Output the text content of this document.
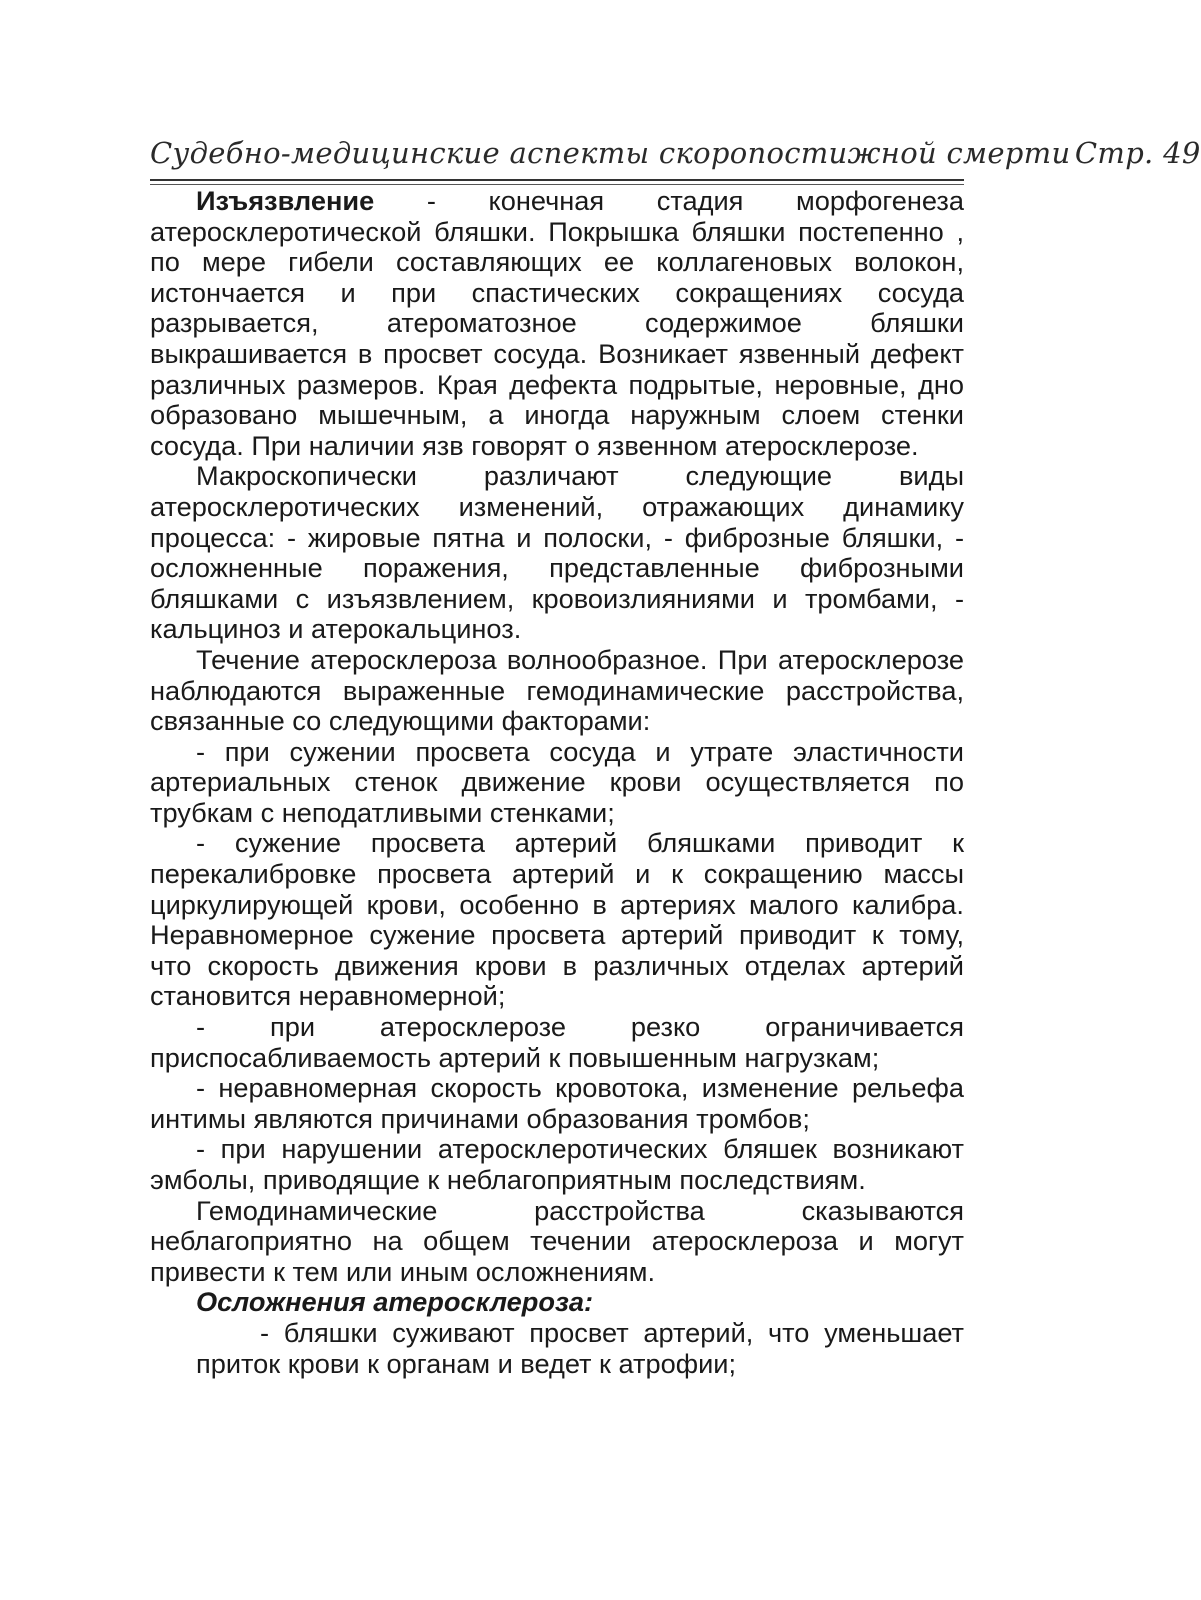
Судебно-медицинские аспекты скоропостижной смерти Стр. 49

Изъязвление - конечная стадия морфогенеза атеросклеротической бляшки. Покрышка бляшки постепенно , по мере гибели составляющих ее коллагеновых волокон, истончается и при спастических сокращениях сосуда разрывается, атероматозное содержимое бляшки выкрашивается в просвет сосуда. Возникает язвенный дефект различных размеров. Края дефекта подрытые, неровные, дно образовано мышечным, а иногда наружным слоем стенки сосуда. При наличии язв говорят о язвенном атеросклерозе.

Макроскопически различают следующие виды атеросклеротических изменений, отражающих динамику процесса: - жировые пятна и полоски, - фиброзные бляшки, - осложненные поражения, представленные фиброзными бляшками с изъязвлением, кровоизлияниями и тромбами, - кальциноз и атерокальциноз.

Течение атеросклероза волнообразное. При атеросклерозе наблюдаются выраженные гемодинамические расстройства, связанные со следующими факторами:

- при сужении просвета сосуда и утрате эластичности артериальных стенок движение крови осуществляется по трубкам с неподатливыми стенками;

- сужение просвета артерий бляшками приводит к перекалибровке просвета артерий и к сокращению массы циркулирующей крови, особенно в артериях малого калибра. Неравномерное сужение просвета артерий приводит к тому, что скорость движения крови в различных отделах артерий становится неравномерной;

- при атеросклерозе резко ограничивается приспосабливаемость артерий к повышенным нагрузкам;

- неравномерная скорость кровотока, изменение рельефа интимы являются причинами образования тромбов;

- при нарушении атеросклеротических бляшек возникают эмболы, приводящие к неблагоприятным последствиям.

Гемодинамические расстройства сказываются неблагоприятно на общем течении атеросклероза и могут привести к тем или иным осложнениям.

Осложнения атеросклероза:

- бляшки суживают просвет артерий, что уменьшает приток крови к органам и ведет к атрофии;
